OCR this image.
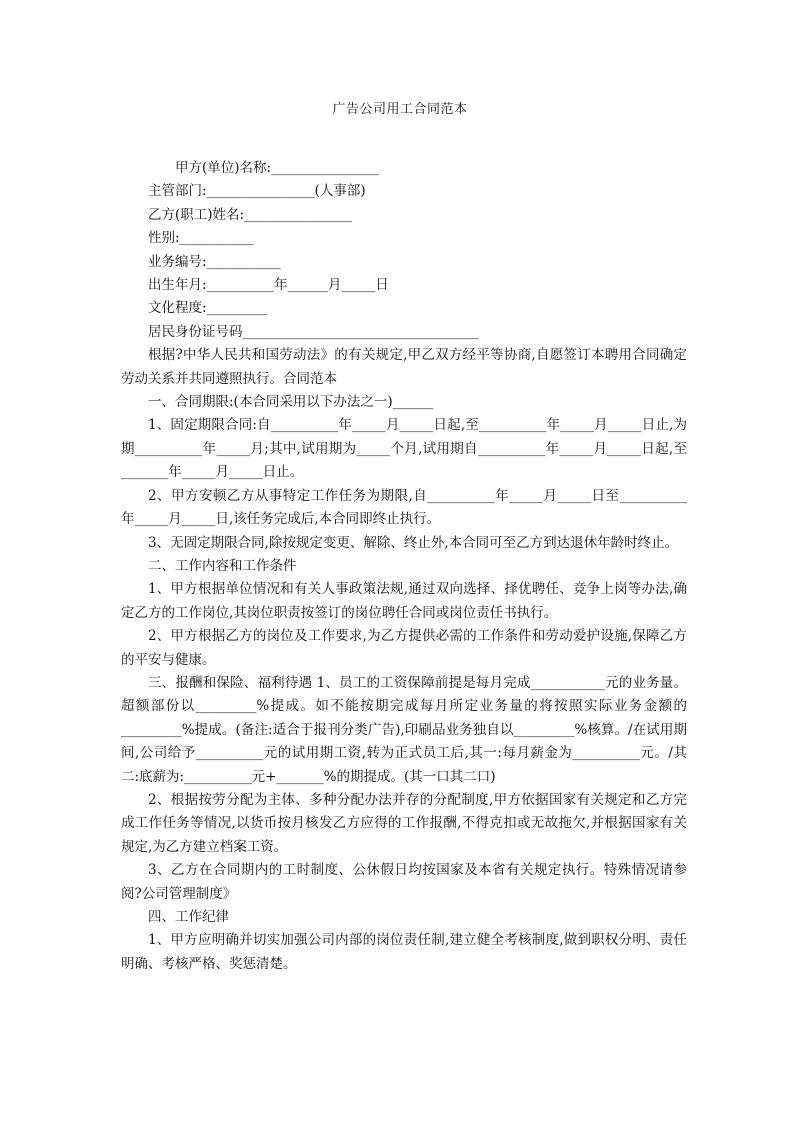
广告公司用工合同范本
甲方(单位)名称:________________
主管部门:________________(人事部)
乙方(职工)姓名:________________
性别:___________
业务编号:___________
出生年月:__________年______月_____日
文化程度:_________
居民身份证号码___________________________________

根据?中华人民共和国劳动法》的有关规定,甲乙双方经平等协商,自愿签订本聘用合同确定劳动关系并共同遵照执行。合同范本

一、合同期限:(本合同采用以下办法之一)______

1、固定期限合同:自__________年_____月_____日起,至__________年_____月_____日止,为期__________年_____月;其中,试用期为_____个月,试用期自__________年_____月_____日起,至_______年_____月_____日止。

2、甲方安顿乙方从事特定工作任务为期限,自__________年_____月_____日至__________年_____月_____日,该任务完成后,本合同即终止执行。

3、无固定期限合同,除按规定变更、解除、终止外,本合同可至乙方到达退休年龄时终止。

二、工作内容和工作条件

1、甲方根据单位情况和有关人事政策法规,通过双向选择、择优聘任、竞争上岗等办法,确定乙方的工作岗位,其岗位职责按签订的岗位聘任合同或岗位责任书执行。

2、甲方根据乙方的岗位及工作要求,为乙方提供必需的工作条件和劳动爱护设施,保障乙方的平安与健康。

三、报酬和保险、福利待遇 1、员工的工资保障前提是每月完成___________元的业务量。超额部份以_________%提成。如不能按期完成每月所定业务量的将按照实际业务金额的_________%提成。(备注:适合于报刊分类广告),印刷品业务独自以_________%核算。/在试用期间,公司给予__________元的试用期工资,转为正式员工后,其一:每月薪金为__________元。/其二:底薪为:__________元+_______%的期提成。(其一口其二口)

2、根据按劳分配为主体、多种分配办法并存的分配制度,甲方依据国家有关规定和乙方完成工作任务等情况,以货币按月核发乙方应得的工作报酬,不得克扣或无故拖欠,并根据国家有关规定,为乙方建立档案工资。

3、乙方在合同期内的工时制度、公休假日均按国家及本省有关规定执行。特殊情况请参阅?公司管理制度》

四、工作纪律

1、甲方应明确并切实加强公司内部的岗位责任制,建立健全考核制度,做到职权分明、责任明确、考核严格、奖惩清楚。
